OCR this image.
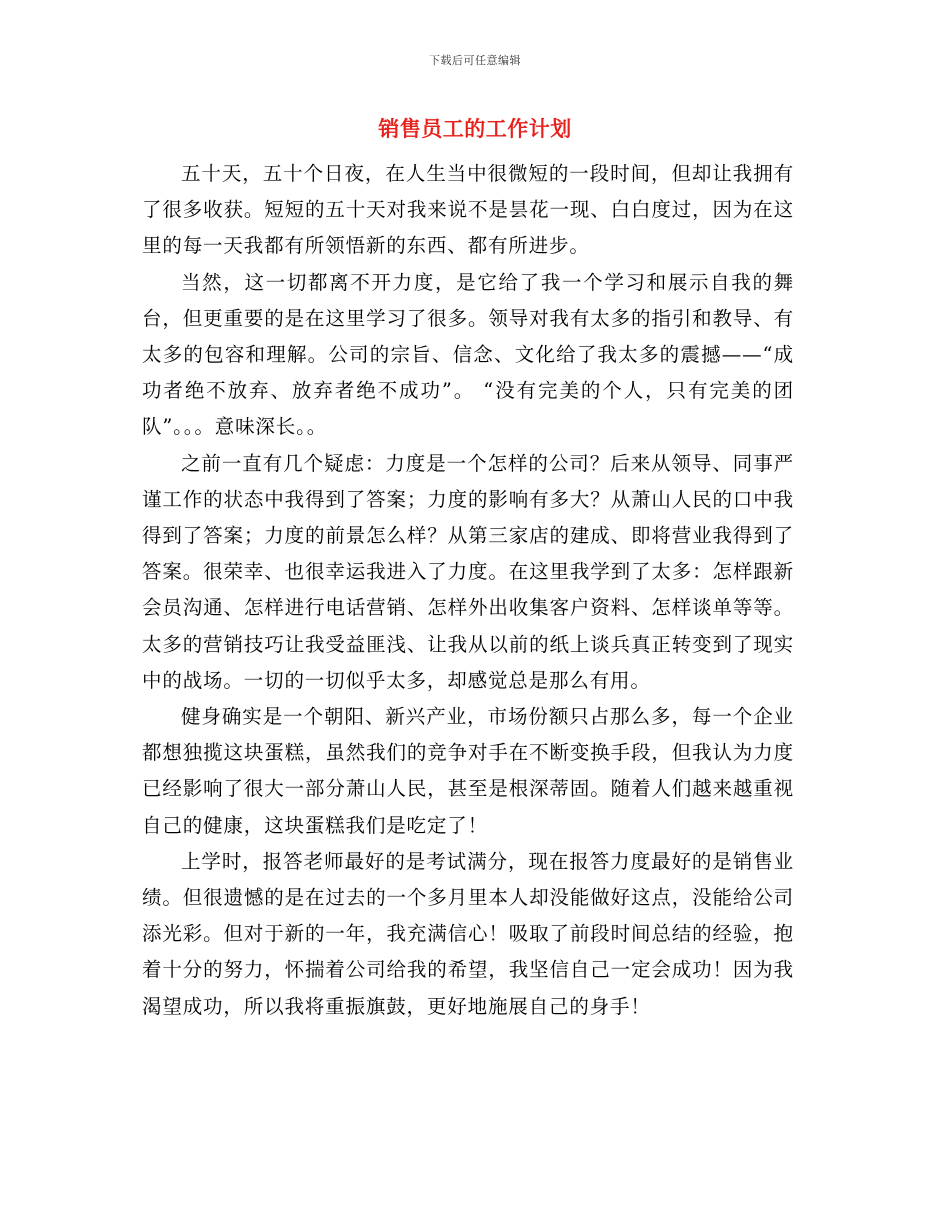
下载后可任意编辑
销售员工的工作计划

五十天，五十个日夜，在人生当中很微短的一段时间，但却让我拥有了很多收获。短短的五十天对我来说不是昙花一现、白白度过，因为在这里的每一天我都有所领悟新的东西、都有所进步。

当然，这一切都离不开力度，是它给了我一个学习和展示自我的舞台，但更重要的是在这里学习了很多。领导对我有太多的指引和教导、有太多的包容和理解。公司的宗旨、信念、文化给了我太多的震撼——“成功者绝不放弃、放弃者绝不成功”。 “没有完美的个人，只有完美的团队”。。。意味深长。。

之前一直有几个疑虑：力度是一个怎样的公司？后来从领导、同事严谨工作的状态中我得到了答案；力度的影响有多大？从萧山人民的口中我得到了答案；力度的前景怎么样？从第三家店的建成、即将营业我得到了答案。很荣幸、也很幸运我进入了力度。在这里我学到了太多：怎样跟新会员沟通、怎样进行电话营销、怎样外出收集客户资料、怎样谈单等等。太多的营销技巧让我受益匪浅、让我从以前的纸上谈兵真正转变到了现实中的战场。一切的一切似乎太多，却感觉总是那么有用。

健身确实是一个朝阳、新兴产业，市场份额只占那么多，每一个企业都想独揽这块蛋糕，虽然我们的竞争对手在不断变换手段，但我认为力度已经影响了很大一部分萧山人民，甚至是根深蒂固。随着人们越来越重视自己的健康，这块蛋糕我们是吃定了！

上学时，报答老师最好的是考试满分，现在报答力度最好的是销售业绩。但很遗憾的是在过去的一个多月里本人却没能做好这点，没能给公司添光彩。但对于新的一年，我充满信心！吸取了前段时间总结的经验，抱着十分的努力，怀揣着公司给我的希望，我坚信自己一定会成功！因为我渴望成功，所以我将重振旗鼓，更好地施展自己的身手！
